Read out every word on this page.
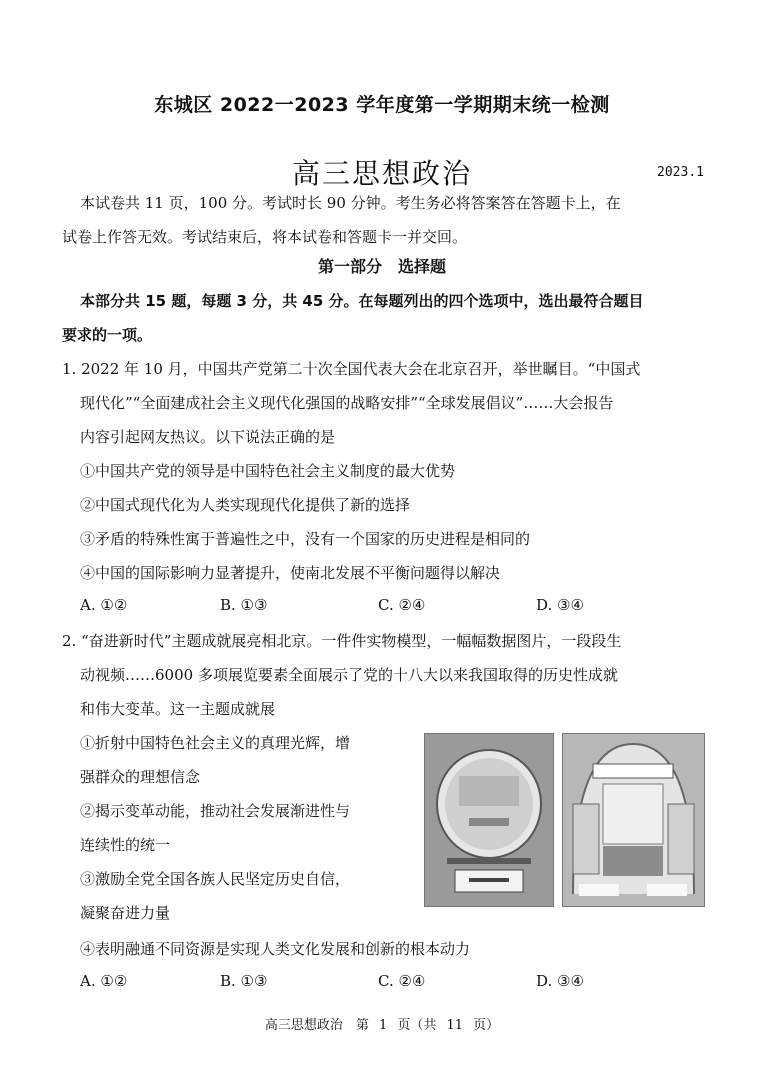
东城区 2022一2023 学年度第一学期期末统一检测
高三思想政治	2023.1
本试卷共 11 页，100 分。考试时长 90 分钟。考生务必将答案答在答题卡上，在
试卷上作答无效。考试结束后，将本试卷和答题卡一并交回。
第一部分　选择题
本部分共 15 题，每题 3 分，共 45 分。在每题列出的四个选项中，选出最符合题目
要求的一项。
1. 2022 年 10 月，中国共产党第二十次全国代表大会在北京召开，举世瞩目。“中国式
现代化”“全面建成社会主义现代化强国的战略安排”“全球发展倡议”……大会报告
内容引起网友热议。以下说法正确的是
①中国共产党的领导是中国特色社会主义制度的最大优势
②中国式现代化为人类实现现代化提供了新的选择
③矛盾的特殊性寓于普遍性之中，没有一个国家的历史进程是相同的
④中国的国际影响力显著提升，使南北发展不平衡问题得以解决
A. ①②	B. ①③	C. ②④	D. ③④
2. “奋进新时代”主题成就展亮相北京。一件件实物模型，一幅幅数据图片，一段段生
动视频……6000 多项展览要素全面展示了党的十八大以来我国取得的历史性成就
和伟大变革。这一主题成就展
①折射中国特色社会主义的真理光辉，增
强群众的理想信念
②揭示变革动能，推动社会发展渐进性与
连续性的统一
③激励全党全国各族人民坚定历史自信，
凝聚奋进力量
④表明融通不同资源是实现人类文化发展和创新的根本动力
A. ①②	B. ①③	C. ②④	D. ③④
高三思想政治　第 1 页（共 11 页）
